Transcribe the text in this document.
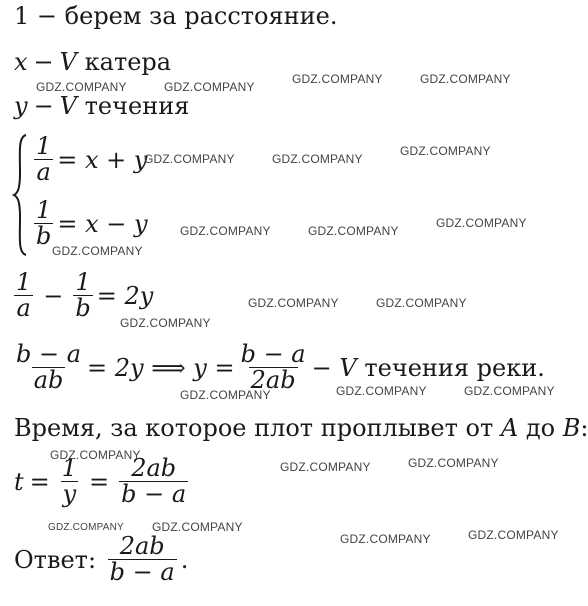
1
− берем за расстояние.
x − V
катера
y − V
течения
$\frac{1}{a} = x + y$
$\frac{1}{b} = x - y$
$\frac{1}{a} - \frac{1}{b} = 2y$
$\frac{b - a}{ab} = 2y$ ⟹ $y = \frac{b - a}{2ab}$ −
V
течения реки.
Время, за которое плот проплывет от
A
до
B :
$t = \frac{1}{y} = \frac{2ab}{b - a}$
Ответ:
$\frac{2ab}{b - a}$ .
GDZ.COMPANY	GDZ.COMPANY
GDZ.COMPANY	GDZ.COMPANY
GDZ.COMPANY	GDZ.COMPANY
GDZ.COMPANY
GDZ.COMPANY	GDZ.COMPANY
GDZ.COMPANY
GDZ.COMPANY
GDZ.COMPANY	GDZ.COMPANY
GDZ.COMPANY
GDZ.COMPANY	GDZ.COMPANY	GDZ.COMPANY
GDZ.COMPANY
GDZ.COMPANY	GDZ.COMPANY
GDZ.COMPANY GDZ.COMPANY
GDZ.COMPANY	GDZ.COMPANY
